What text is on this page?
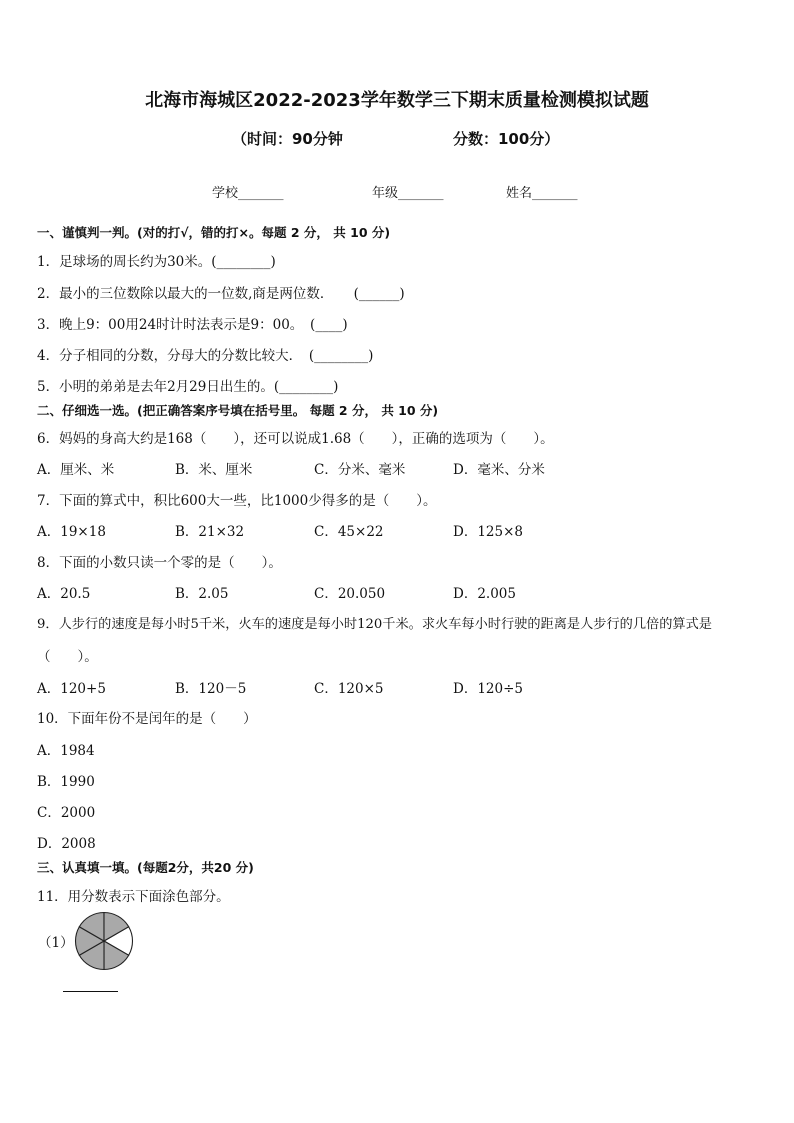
北海市海城区2022-2023学年数学三下期末质量检测模拟试题
（时间：90分钟	分数：100分）
学校_______	年级_______	姓名_______
一、谨慎判一判。(对的打√，错的打×。每题 2 分， 共 10 分)
1．足球场的周长约为30米。(________)
2．最小的三位数除以最大的一位数,商是两位数．　　(______)
3．晚上9：00用24时计时法表示是9：00。　(____)
4．分子相同的分数，分母大的分数比较大．　(________)
5．小明的弟弟是去年2月29日出生的。(________)
二、仔细选一选。(把正确答案序号填在括号里。 每题 2 分， 共 10 分)
6．妈妈的身高大约是168（　　），还可以说成1.68（　　），正确的选项为（　　）。
A．厘米、米	B．米、厘米	C．分米、毫米	D．毫米、分米
7．下面的算式中，积比600大一些，比1000少得多的是（　　）。
A．19×18	B．21×32	C．45×22	D．125×8
8．下面的小数只读一个零的是（　　）。
A．20.5	B．2.05	C．20.050	D．2.005
9．人步行的速度是每小时5千米，火车的速度是每小时120千米。求火车每小时行驶的距离是人步行的几倍的算式是
（　　）。
A．120+5	B．120－5	C．120×5	D．120÷5
10．下面年份不是闰年的是（　　）
A．1984
B．1990
C．2000
D．2008
三、认真填一填。(每题2分，共20 分)
11．用分数表示下面涂色部分。
（1）
